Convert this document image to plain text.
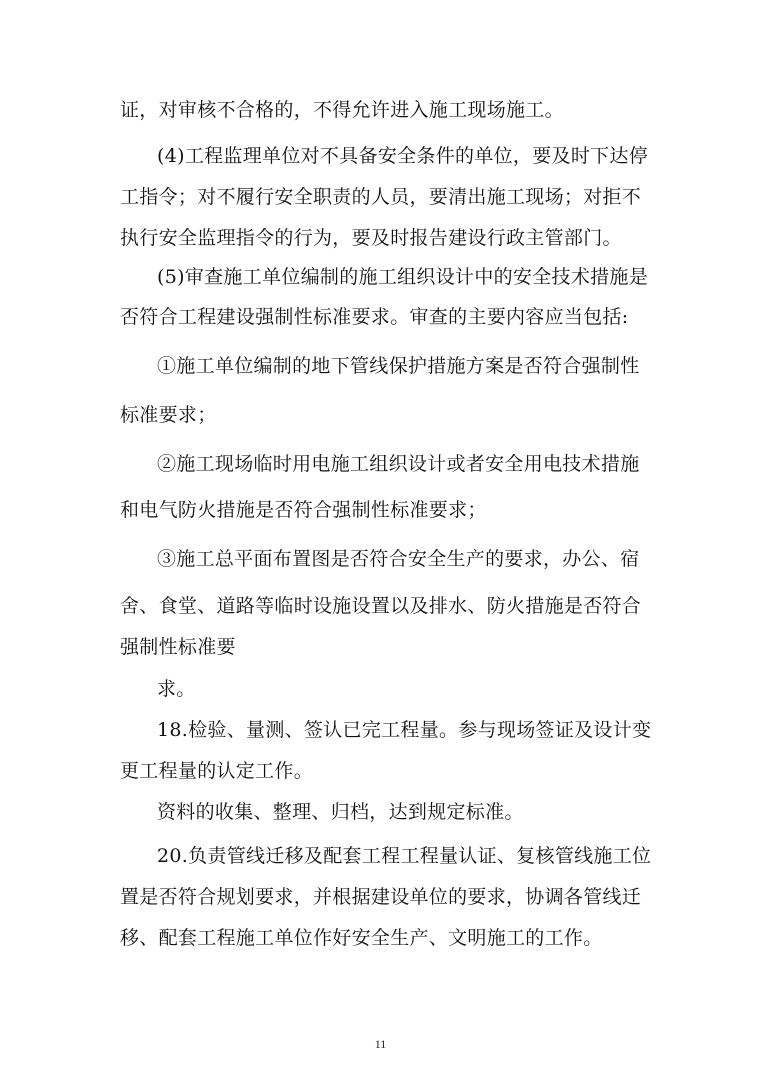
证，对审核不合格的，不得允许进入施工现场施工。
(4)工程监理单位对不具备安全条件的单位，要及时下达停
工指令；对不履行安全职责的人员，要清出施工现场；对拒不
执行安全监理指令的行为，要及时报告建设行政主管部门。
(5)审查施工单位编制的施工组织设计中的安全技术措施是
否符合工程建设强制性标准要求。审查的主要内容应当包括:
①施工单位编制的地下管线保护措施方案是否符合强制性
标准要求；
②施工现场临时用电施工组织设计或者安全用电技术措施
和电气防火措施是否符合强制性标准要求；
③施工总平面布置图是否符合安全生产的要求，办公、宿
舍、食堂、道路等临时设施设置以及排水、防火措施是否符合
强制性标准要
求。
18.检验、量测、签认已完工程量。参与现场签证及设计变
更工程量的认定工作。
资料的收集、整理、归档，达到规定标准。
20.负责管线迁移及配套工程工程量认证、复核管线施工位
置是否符合规划要求，并根据建设单位的要求，协调各管线迁
移、配套工程施工单位作好安全生产、文明施工的工作。
11
